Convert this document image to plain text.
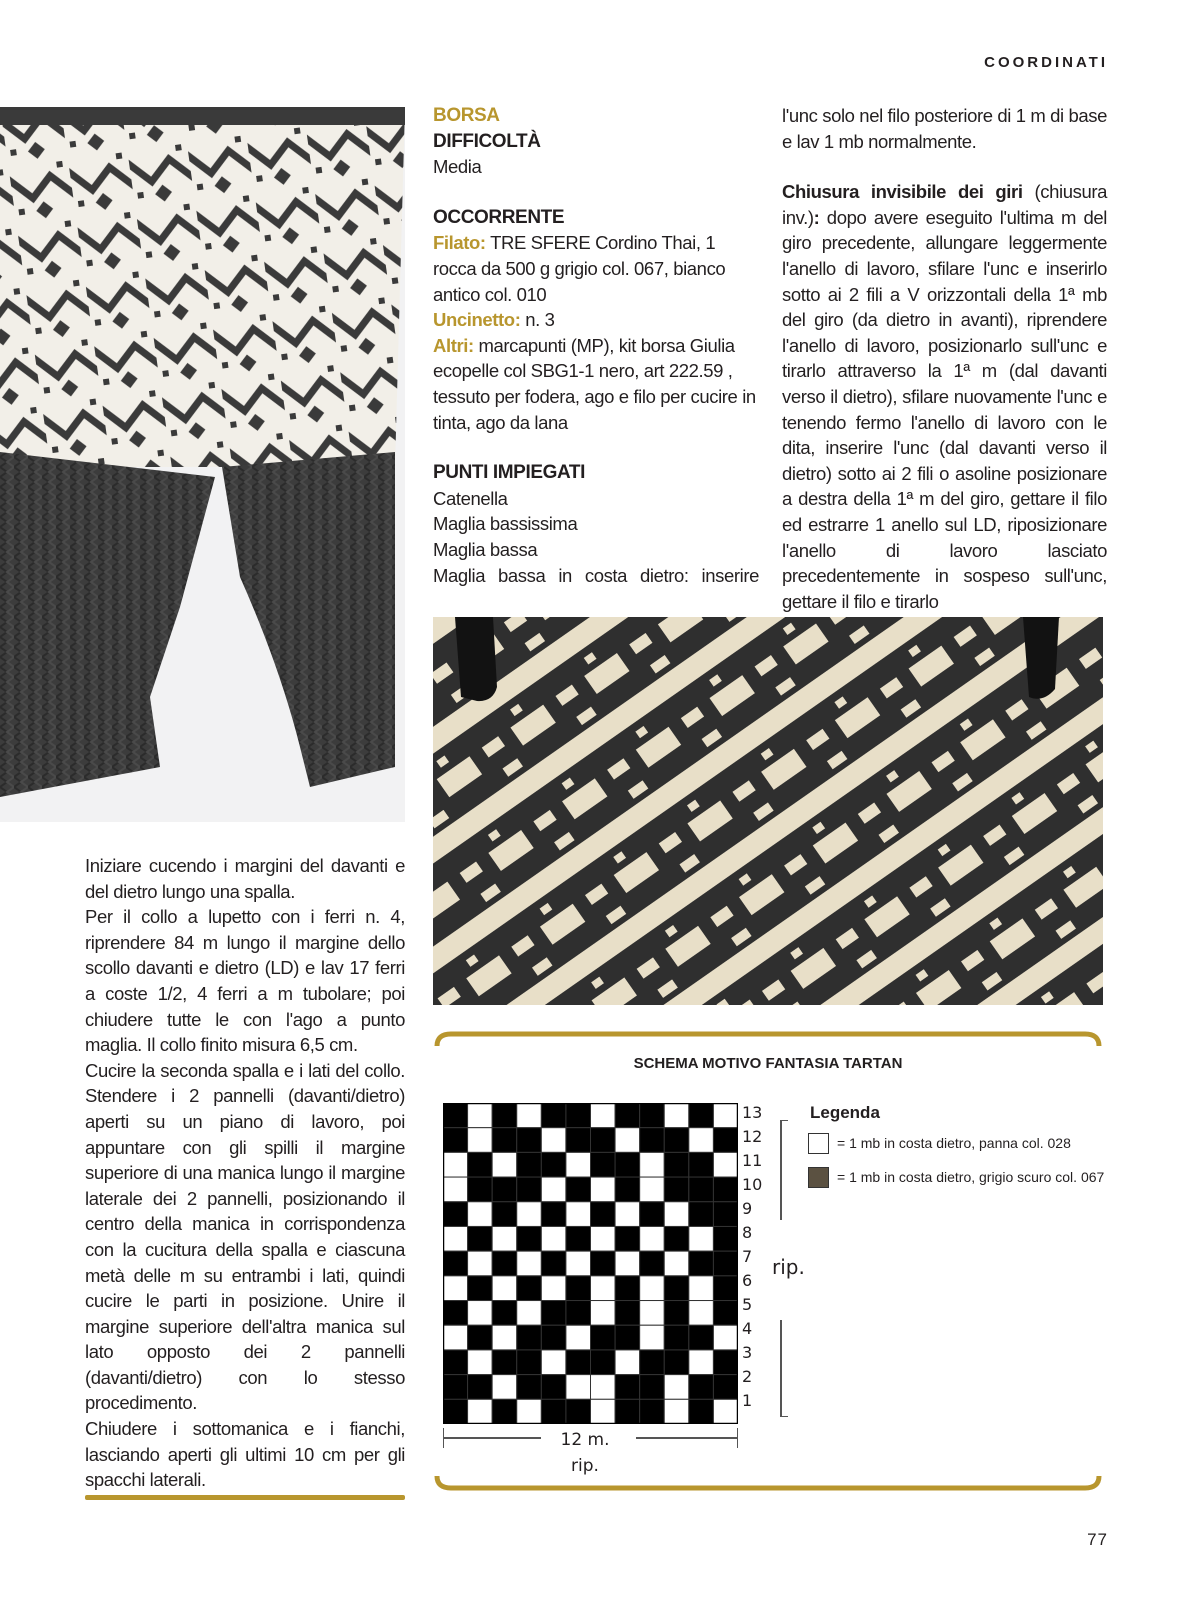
COORDINATI

BORSA

DIFFICOLTÀ

Media

OCCORRENTE

Filato: TRE SFERE Cordino Thai, 1 rocca da 500 g grigio col. 067, bianco antico col. 010

Uncinetto: n. 3

Altri: marcapunti (MP), kit borsa Giulia ecopelle col SBG1-1 nero, art 222.59 , tessuto per fodera, ago e filo per cucire in tinta, ago da lana

PUNTI IMPIEGATI

Catenella

Maglia bassissima

Maglia bassa

Maglia bassa in costa dietro: inserire

l'unc solo nel filo posteriore di 1 m di base e lav 1 mb normalmente.

Chiusura invisibile dei giri (chiusura inv.): dopo avere eseguito l'ultima m del giro precedente, allungare leggermente l'anello di lavoro, sfilare l'unc e inserirlo sotto ai 2 fili a V orizzontali della 1ª mb del giro (da dietro in avanti), riprendere l'anello di lavoro, posizionarlo sull'unc e tirarlo attraverso la 1ª m (dal davanti verso il dietro), sfilare nuovamente l'unc e tenendo fermo l'anello di lavoro con le dita, inserire l'unc (dal davanti verso il dietro) sotto ai 2 fili o asoline posizionare a destra della 1ª m del giro, gettare il filo ed estrarre 1 anello sul LD, riposizionare l'anello di lavoro lasciato precedentemente in sospeso sull'unc, gettare il filo e tirarlo

Iniziare cucendo i margini del davanti e del dietro lungo una spalla.

Per il collo a lupetto con i ferri n. 4, riprendere 84 m lungo il margine dello scollo davanti e dietro (LD) e lav 17 ferri a coste 1/2, 4 ferri a m tubolare; poi chiudere tutte le con l'ago a punto maglia. Il collo finito misura 6,5 cm.

Cucire la seconda spalla e i lati del collo. Stendere i 2 pannelli (davanti/dietro) aperti su un piano di lavoro, poi appuntare con gli spilli il margine superiore di una manica lungo il margine laterale dei 2 pannelli, posizionando il centro della manica in corrispondenza con la cucitura della spalla e ciascuna metà delle m su entrambi i lati, quindi cucire le parti in posizione. Unire il margine superiore dell'altra manica sul lato opposto dei 2 pannelli (davanti/dietro) con lo stesso procedimento.

Chiudere i sottomanica e i fianchi, lasciando aperti gli ultimi 10 cm per gli spacchi laterali.

SCHEMA MOTIVO FANTASIA TARTAN
13
12
11
10
9
8
7
6
5
4
3
2
1
rip.
12 m.
rip.
Legenda
= 1 mb in costa dietro, panna col. 028
= 1 mb in costa dietro, grigio scuro col. 067
77
